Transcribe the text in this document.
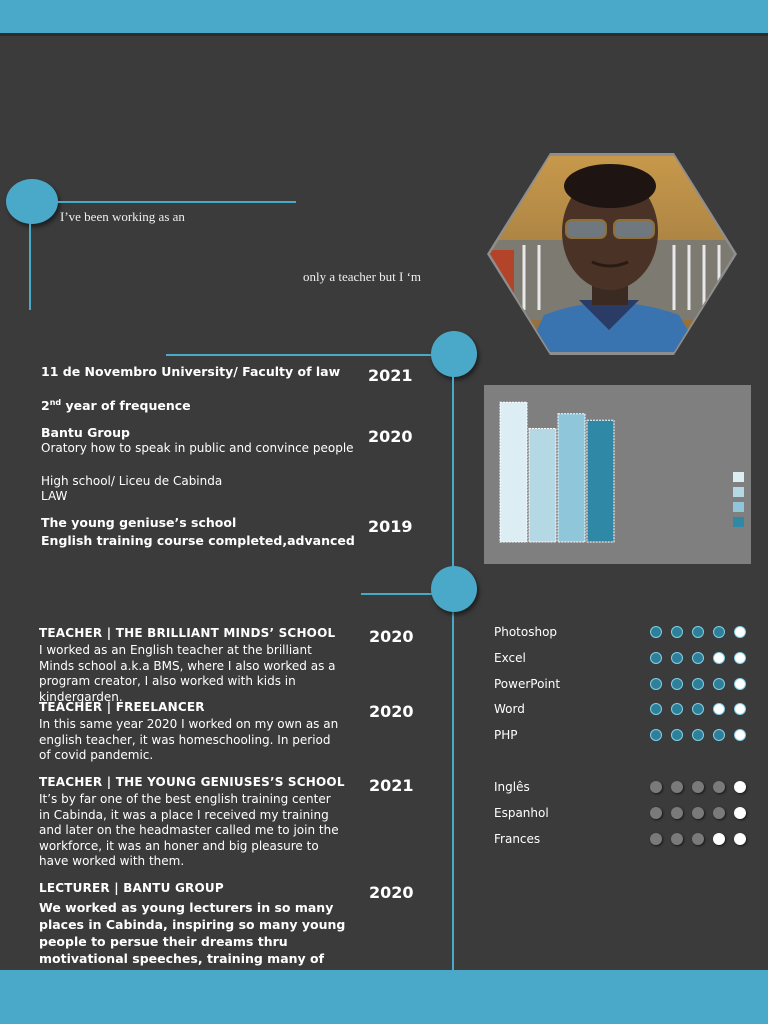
I’ve been working as an
only a teacher but I ‘m
11 de Novembro University/ Faculty of law 2021
2nd year of frequence
Bantu Group
Oratory how to speak in public and convince people
2020
High school/ Liceu de Cabinda
LAW
The young geniuse’s school
English training course completed,advanced
2019
TEACHER | THE BRILLIANT MINDS’ SCHOOL
I worked as an English teacher at the brilliant Minds school a.k.a BMS, where I also worked as a program creator, I also worked with kids in kindergarden.
2020
TEACHER | FREELANCER
In this same year 2020 I worked on my own as an english teacher, it was homeschooling. In period of covid pandemic.
2020
TEACHER | THE YOUNG GENIUSES’S SCHOOL
It’s by far one of the best english training center in Cabinda, it was a place I received my training and later on the headmaster called me to join the workforce, it was an honer and big pleasure to have worked with them.
2021
LECTURER | BANTU GROUP
We worked as young lecturers in so many places in Cabinda, inspiring so many young people to persue their dreams thru motivational speeches, training many of
2020
Photoshop
Excel
PowerPoint
Word
PHP
Inglês
Espanhol
Frances
